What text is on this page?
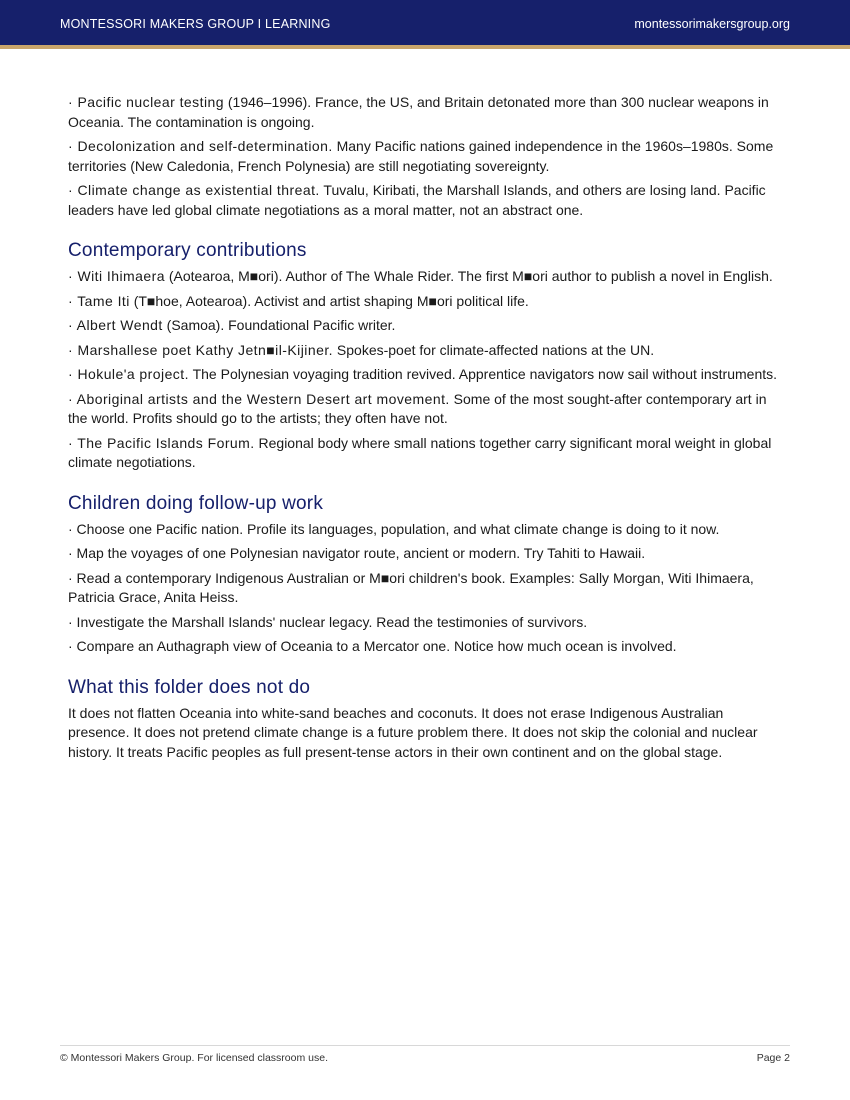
MONTESSORI MAKERS GROUP I LEARNING	montessorimakersgroup.org

· Pacific nuclear testing (1946–1996). France, the US, and Britain detonated more than 300 nuclear weapons in Oceania. The contamination is ongoing.

· Decolonization and self-determination. Many Pacific nations gained independence in the 1960s–1980s. Some territories (New Caledonia, French Polynesia) are still negotiating sovereignty.

· Climate change as existential threat. Tuvalu, Kiribati, the Marshall Islands, and others are losing land. Pacific leaders have led global climate negotiations as a moral matter, not an abstract one.

Contemporary contributions

· Witi Ihimaera (Aotearoa, M■ori). Author of The Whale Rider. The first M■ori author to publish a novel in English.

· Tame Iti (T■hoe, Aotearoa). Activist and artist shaping M■ori political life.

· Albert Wendt (Samoa). Foundational Pacific writer.

· Marshallese poet Kathy Jetn■il-Kijiner. Spokes-poet for climate-affected nations at the UN.

· Hokule'a project. The Polynesian voyaging tradition revived. Apprentice navigators now sail without instruments.

· Aboriginal artists and the Western Desert art movement. Some of the most sought-after contemporary art in the world. Profits should go to the artists; they often have not.

· The Pacific Islands Forum. Regional body where small nations together carry significant moral weight in global climate negotiations.

Children doing follow-up work

· Choose one Pacific nation. Profile its languages, population, and what climate change is doing to it now.

· Map the voyages of one Polynesian navigator route, ancient or modern. Try Tahiti to Hawaii.

· Read a contemporary Indigenous Australian or M■ori children's book. Examples: Sally Morgan, Witi Ihimaera, Patricia Grace, Anita Heiss.

· Investigate the Marshall Islands' nuclear legacy. Read the testimonies of survivors.

· Compare an Authagraph view of Oceania to a Mercator one. Notice how much ocean is involved.

What this folder does not do

It does not flatten Oceania into white-sand beaches and coconuts. It does not erase Indigenous Australian presence. It does not pretend climate change is a future problem there. It does not skip the colonial and nuclear history. It treats Pacific peoples as full present-tense actors in their own continent and on the global stage.

© Montessori Makers Group. For licensed classroom use.	Page 2
